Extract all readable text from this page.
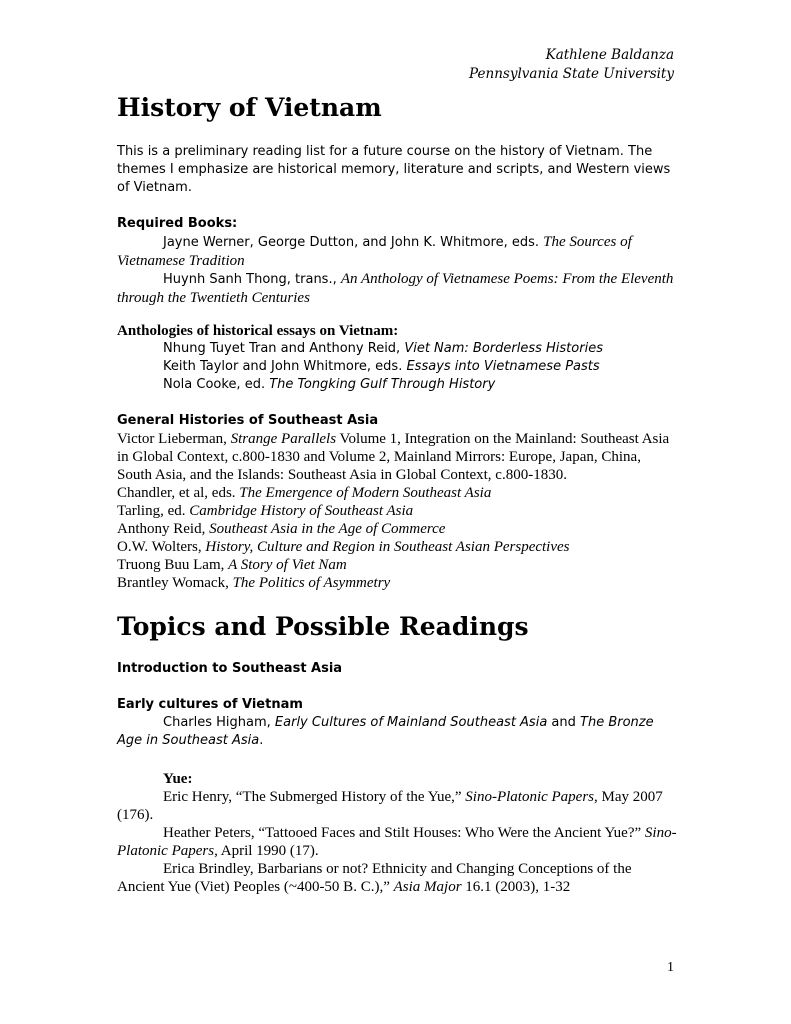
Kathlene Baldanza
Pennsylvania State University
History of Vietnam

This is a preliminary reading list for a future course on the history of Vietnam. The themes I emphasize are historical memory, literature and scripts, and Western views of Vietnam.

Required Books:

Jayne Werner, George Dutton, and John K. Whitmore, eds. The Sources of Vietnamese Tradition

Huynh Sanh Thong, trans., An Anthology of Vietnamese Poems: From the Eleventh through the Twentieth Centuries

Anthologies of historical essays on Vietnam:

Nhung Tuyet Tran and Anthony Reid, Viet Nam: Borderless Histories

Keith Taylor and John Whitmore, eds. Essays into Vietnamese Pasts

Nola Cooke, ed. The Tongking Gulf Through History

General Histories of Southeast Asia

Victor Lieberman, Strange Parallels Volume 1, Integration on the Mainland: Southeast Asia in Global Context, c.800-1830 and Volume 2, Mainland Mirrors: Europe, Japan, China, South Asia, and the Islands: Southeast Asia in Global Context, c.800-1830.

Chandler, et al, eds. The Emergence of Modern Southeast Asia

Tarling, ed. Cambridge History of Southeast Asia

Anthony Reid, Southeast Asia in the Age of Commerce

O.W. Wolters, History, Culture and Region in Southeast Asian Perspectives

Truong Buu Lam, A Story of Viet Nam

Brantley Womack, The Politics of Asymmetry

Topics and Possible Readings
Introduction to Southeast Asia

Early cultures of Vietnam

Charles Higham, Early Cultures of Mainland Southeast Asia and The Bronze Age in Southeast Asia.

Yue:

Eric Henry, “The Submerged History of the Yue,” Sino-Platonic Papers, May 2007 (176).

Heather Peters, “Tattooed Faces and Stilt Houses: Who Were the Ancient Yue?” Sino-Platonic Papers, April 1990 (17).

Erica Brindley, Barbarians or not? Ethnicity and Changing Conceptions of the Ancient Yue (Viet) Peoples (~400-50 B. C.),” Asia Major 16.1 (2003), 1-32

1
